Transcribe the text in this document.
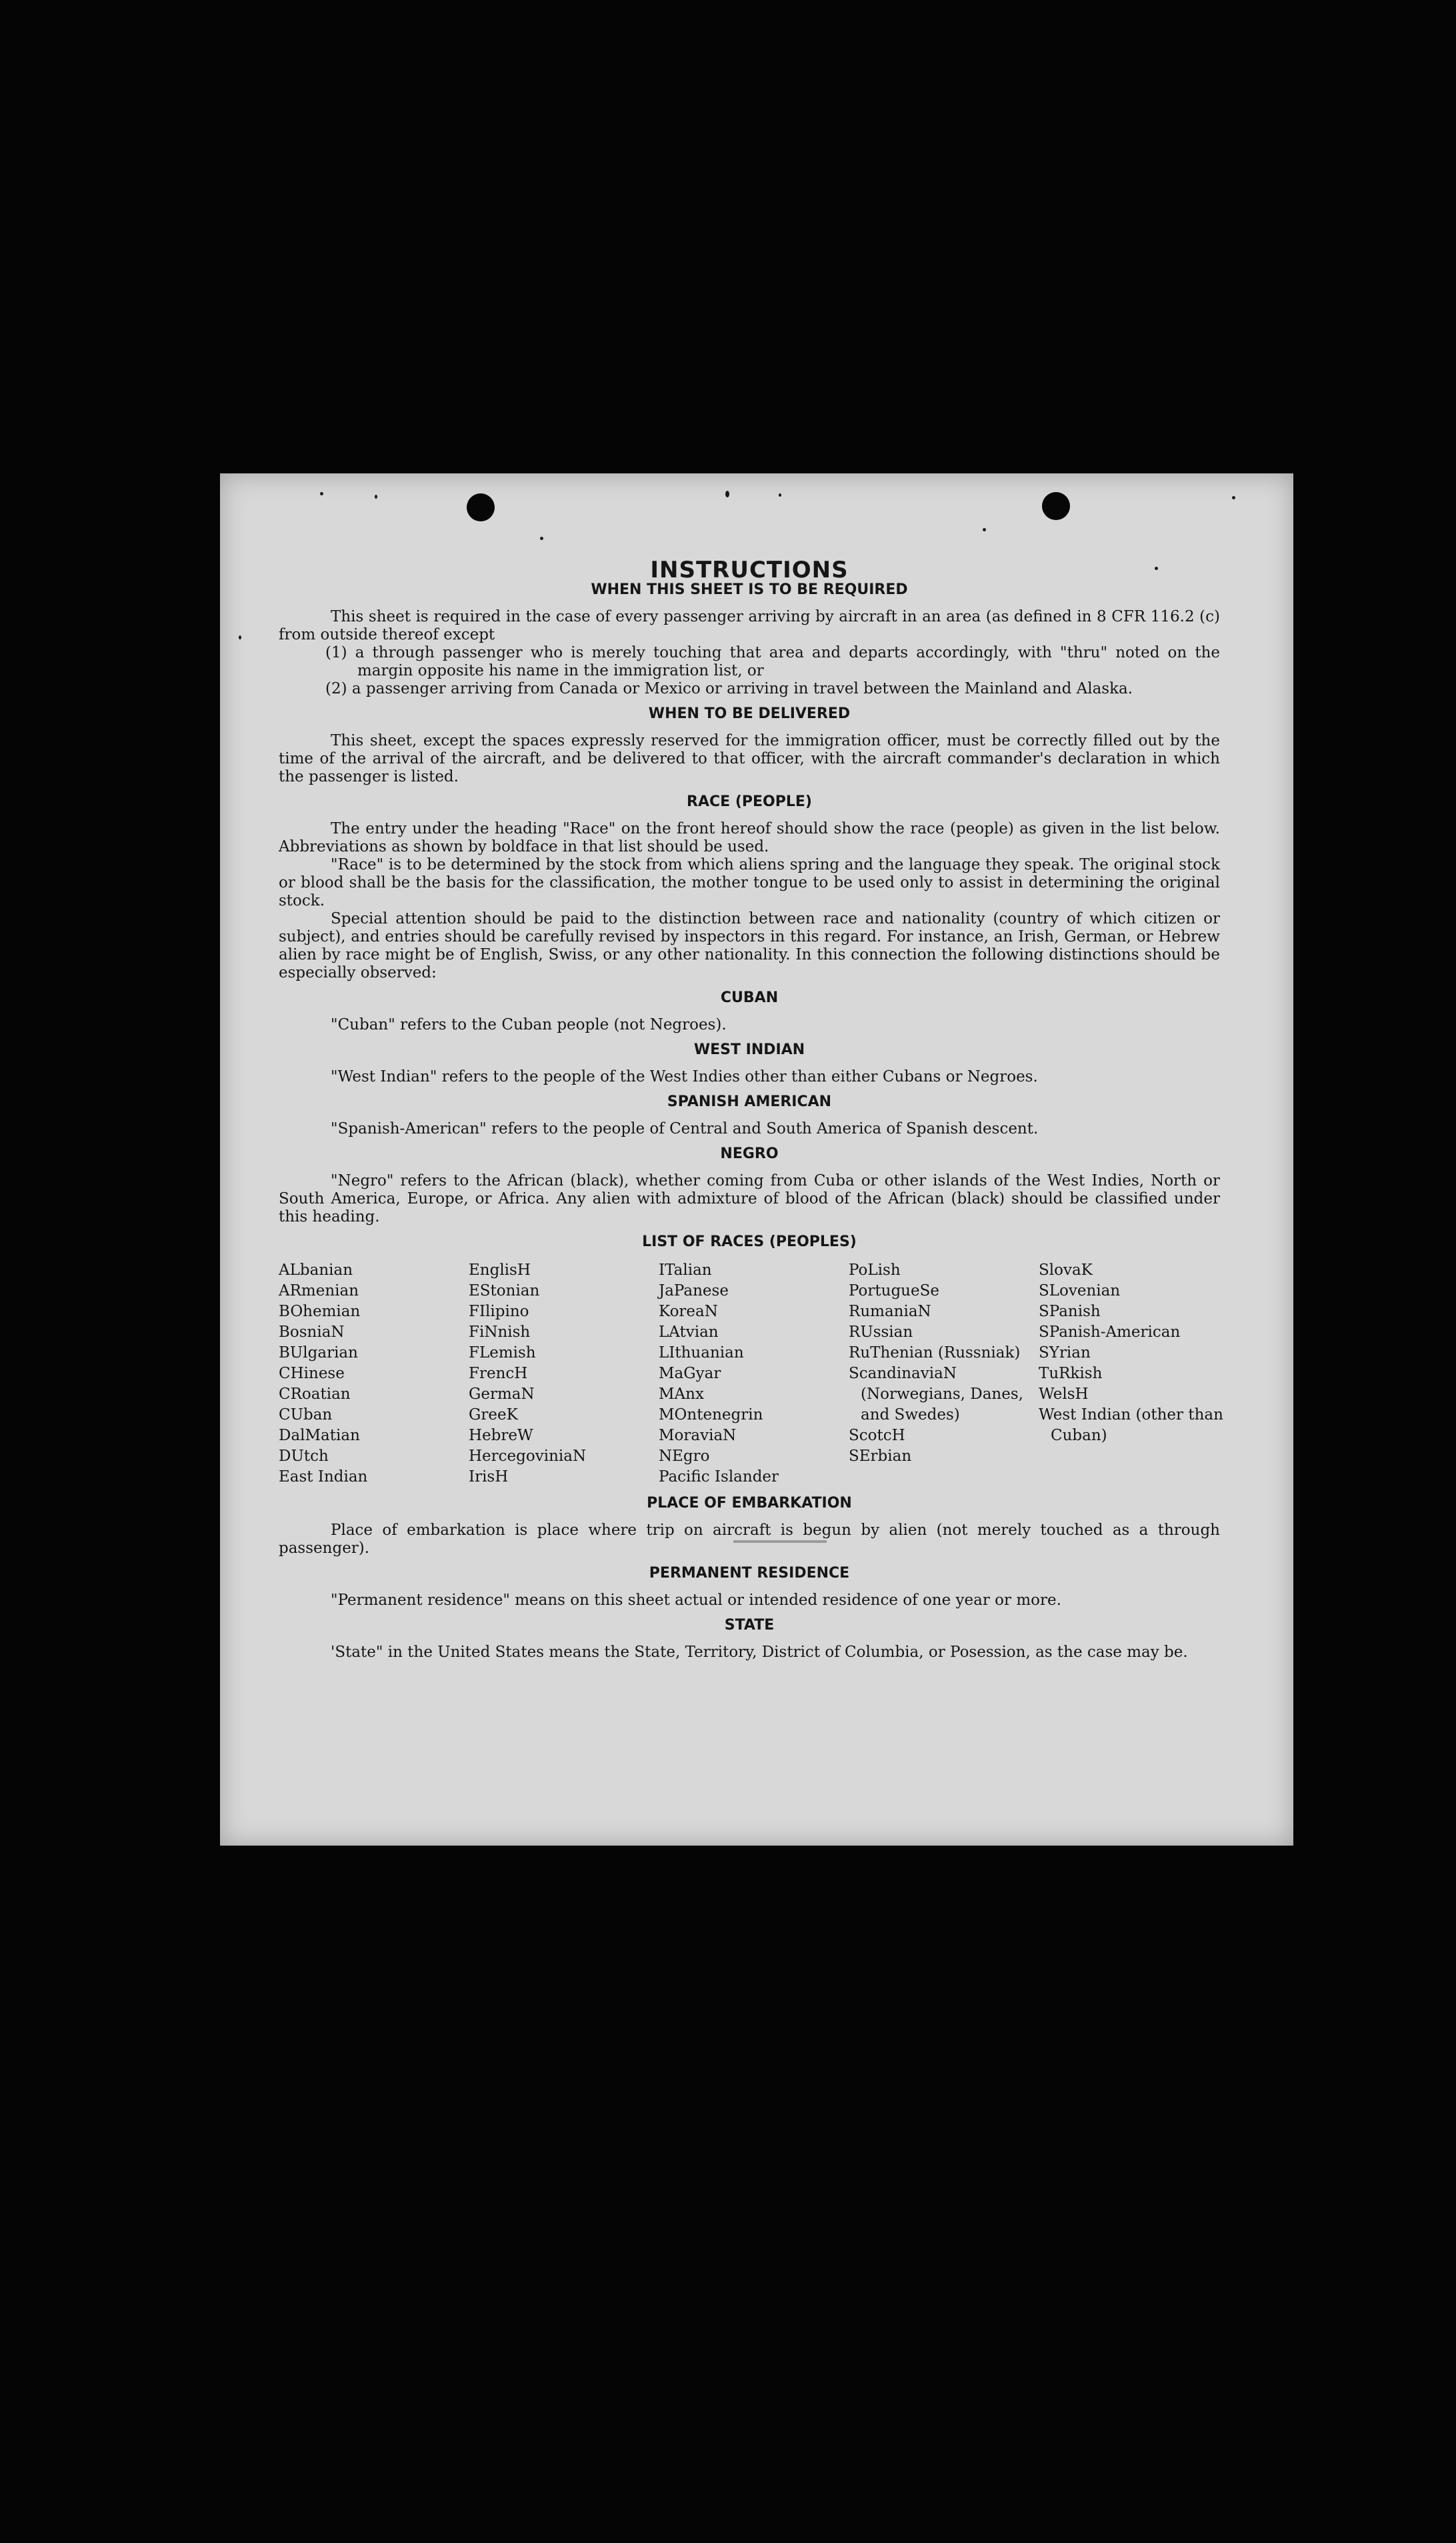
INSTRUCTIONS
WHEN THIS SHEET IS TO BE REQUIRED

This sheet is required in the case of every passenger arriving by aircraft in an area (as defined in 8 CFR 116.2 (c) from outside thereof except

(1) a through passenger who is merely touching that area and departs accordingly, with "thru" noted on the margin opposite his name in the immigration list, or

(2) a passenger arriving from Canada or Mexico or arriving in travel between the Mainland and Alaska.

WHEN TO BE DELIVERED

This sheet, except the spaces expressly reserved for the immigration officer, must be correctly filled out by the time of the arrival of the aircraft, and be delivered to that officer, with the aircraft commander's declaration in which the passenger is listed.

RACE (PEOPLE)

The entry under the heading "Race" on the front hereof should show the race (people) as given in the list below. Abbreviations as shown by boldface in that list should be used.

"Race" is to be determined by the stock from which aliens spring and the language they speak. The original stock or blood shall be the basis for the classification, the mother tongue to be used only to assist in determining the original stock.

Special attention should be paid to the distinction between race and nationality (country of which citizen or subject), and entries should be carefully revised by inspectors in this regard. For instance, an Irish, German, or Hebrew alien by race might be of English, Swiss, or any other nationality. In this connection the following distinctions should be especially observed:

CUBAN

"Cuban" refers to the Cuban people (not Negroes).

WEST INDIAN

"West Indian" refers to the people of the West Indies other than either Cubans or Negroes.

SPANISH AMERICAN

"Spanish-American" refers to the people of Central and South America of Spanish descent.

NEGRO

"Negro" refers to the African (black), whether coming from Cuba or other islands of the West Indies, North or South America, Europe, or Africa. Any alien with admixture of blood of the African (black) should be classified under this heading.

LIST OF RACES (PEOPLES)
ALbanian
ARmenian
BOhemian
BosniaN
BUlgarian
CHinese
CRoatian
CUban
DalMatian
DUtch
East Indian
EnglisH
EStonian
FIlipino
FiNnish
FLemish
FrencH
GermaN
GreeK
HebreW
HercegoviniaN
IrisH
ITalian
JaPanese
KoreaN
LAtvian
LIthuanian
MaGyar
MAnx
MOntenegrin
MoraviaN
NEgro
Pacific Islander
PoLish
PortugueSe
RumaniaN
RUssian
RuThenian (Russniak)
ScandinaviaN (Norwegians, Danes, and Swedes)
ScotcH
SErbian
SlovaK
SLovenian
SPanish
SPanish-American
SYrian
TuRkish
WelsH
West Indian (other than Cuban)
PLACE OF EMBARKATION

Place of embarkation is place where trip on aircraft is begun by alien (not merely touched as a through passenger).

PERMANENT RESIDENCE

"Permanent residence" means on this sheet actual or intended residence of one year or more.

STATE

'State" in the United States means the State, Territory, District of Columbia, or Posession, as the case may be.
